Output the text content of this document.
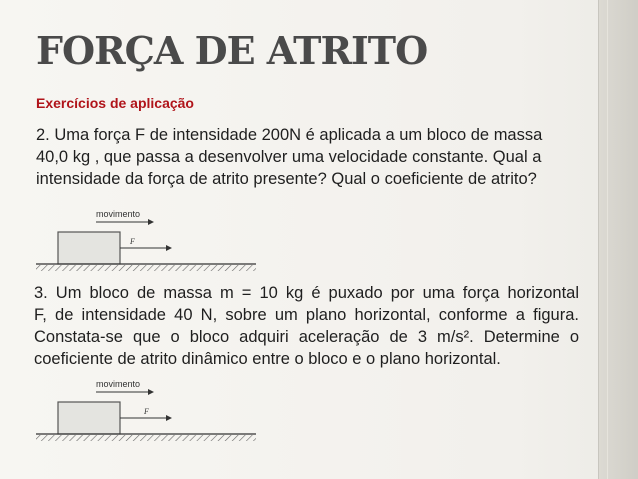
FORÇA DE ATRITO
Exercícios de aplicação
2. Uma força F de intensidade 200N é aplicada a um bloco de massa
40,0 kg , que passa a desenvolver uma velocidade constante. Qual a
intensidade da força de atrito presente? Qual o coeficiente de atrito?
movimento
F
3. Um bloco de massa m = 10 kg é puxado por uma força horizontal
F, de intensidade 40 N, sobre um plano horizontal, conforme a figura.
Constata-se que o bloco adquiri aceleração de 3 m/s². Determine o
coeficiente de atrito dinâmico entre o bloco e o plano horizontal.
movimento
F
